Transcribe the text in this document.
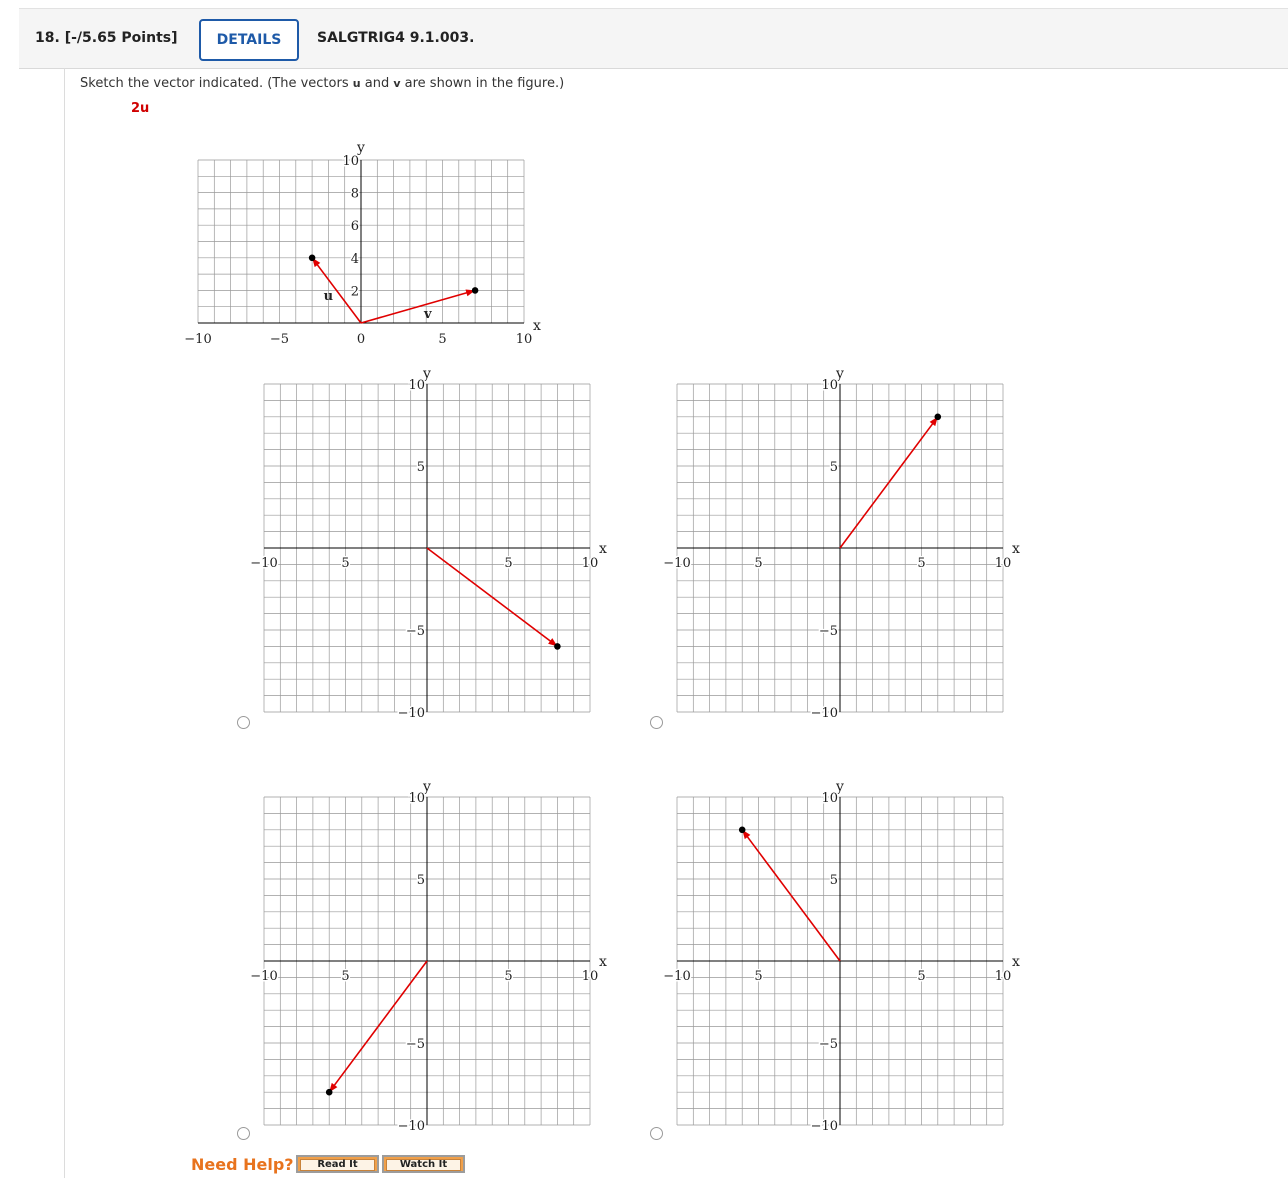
18. [-/5.65 Points]	DETAILS	SALGTRIG4 9.1.003.
Sketch the vector indicated. (The vectors u and v are shown in the figure.)
2u
y
x
−10	−5	0	5	10
2
4
6
8
10
u
v
y
x
−10	5	5	10
10
5
−5
−10
y
x
−10	5	5	10
10
5
−5
−10
y
x
−10	5	5	10
10
5
−5
−10
y
x
−10	5	5	10
10
5
−5
−10
Need Help?	Read It	Watch It
